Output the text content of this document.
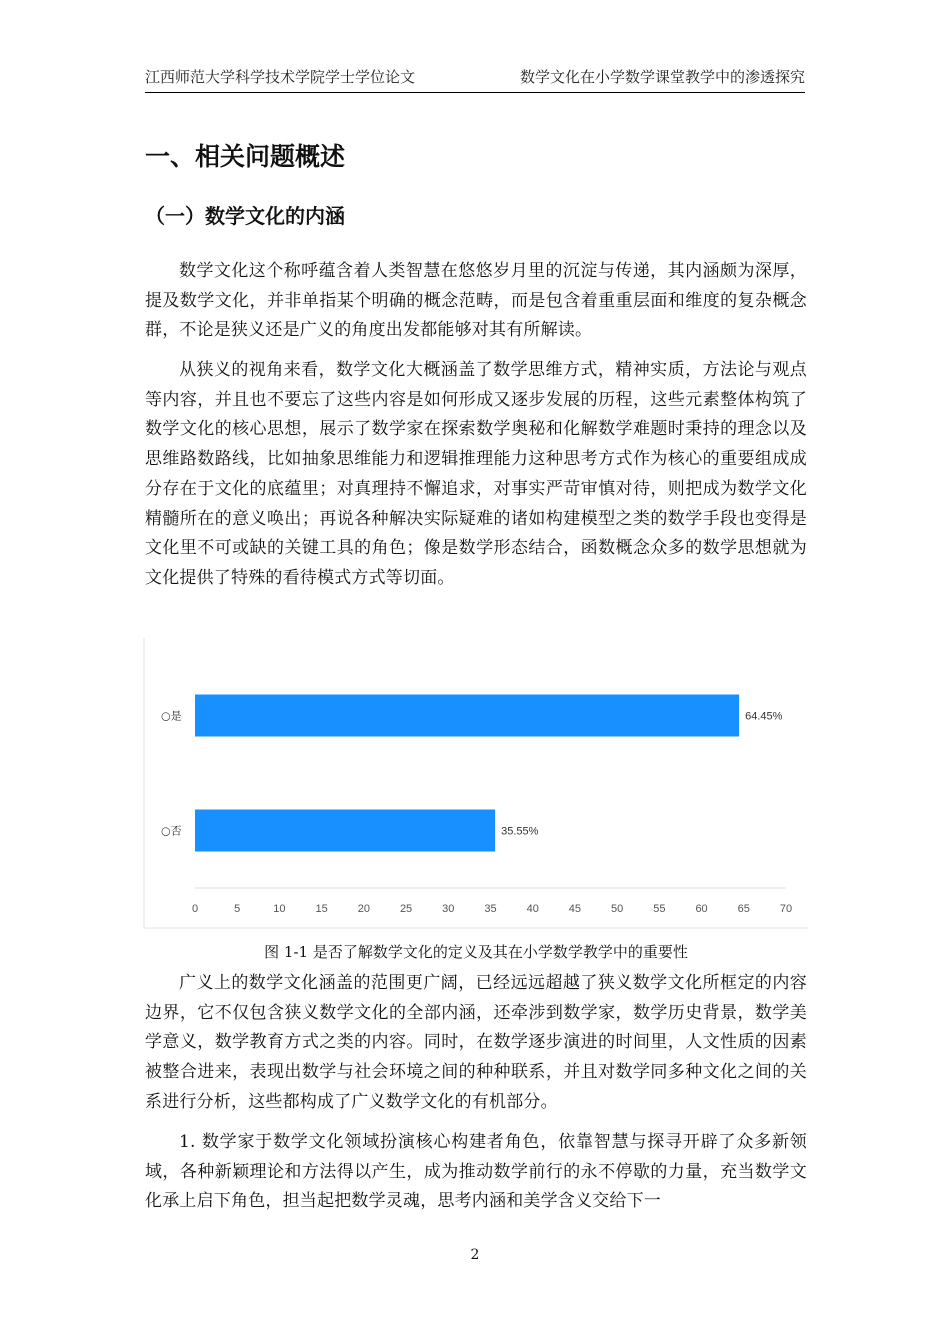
江西师范大学科学技术学院学士学位论文	数学文化在小学数学课堂教学中的渗透探究
一、相关问题概述
（一）数学文化的内涵

数学文化这个称呼蕴含着人类智慧在悠悠岁月里的沉淀与传递，其内涵颇为深厚，提及数学文化，并非单指某个明确的概念范畴，而是包含着重重层面和维度的复杂概念群，不论是狭义还是广义的角度出发都能够对其有所解读。

从狭义的视角来看，数学文化大概涵盖了数学思维方式，精神实质，方法论与观点等内容，并且也不要忘了这些内容是如何形成又逐步发展的历程，这些元素整体构筑了数学文化的核心思想，展示了数学家在探索数学奥秘和化解数学难题时秉持的理念以及思维路数路线，比如抽象思维能力和逻辑推理能力这种思考方式作为核心的重要组成成分存在于文化的底蕴里；对真理持不懈追求，对事实严苛审慎对待，则把成为数学文化精髓所在的意义唤出；再说各种解决实际疑难的诸如构建模型之类的数学手段也变得是文化里不可或缺的关键工具的角色；像是数学形态结合，函数概念众多的数学思想就为文化提供了特殊的看待模式方式等切面。

0	5	10	15	20	25	30	35	40	45	50	55	60	65	70
○是	64.45%
○否	35.55%
图 1-1 是否了解数学文化的定义及其在小学数学教学中的重要性

广义上的数学文化涵盖的范围更广阔，已经远远超越了狭义数学文化所框定的内容边界，它不仅包含狭义数学文化的全部内涵，还牵涉到数学家，数学历史背景，数学美学意义，数学教育方式之类的内容。同时，在数学逐步演进的时间里，人文性质的因素被整合进来，表现出数学与社会环境之间的种种联系，并且对数学同多种文化之间的关系进行分析，这些都构成了广义数学文化的有机部分。

1. 数学家于数学文化领域扮演核心构建者角色，依靠智慧与探寻开辟了众多新领域，各种新颖理论和方法得以产生，成为推动数学前行的永不停歇的力量，充当数学文化承上启下角色，担当起把数学灵魂，思考内涵和美学含义交给下一

2
